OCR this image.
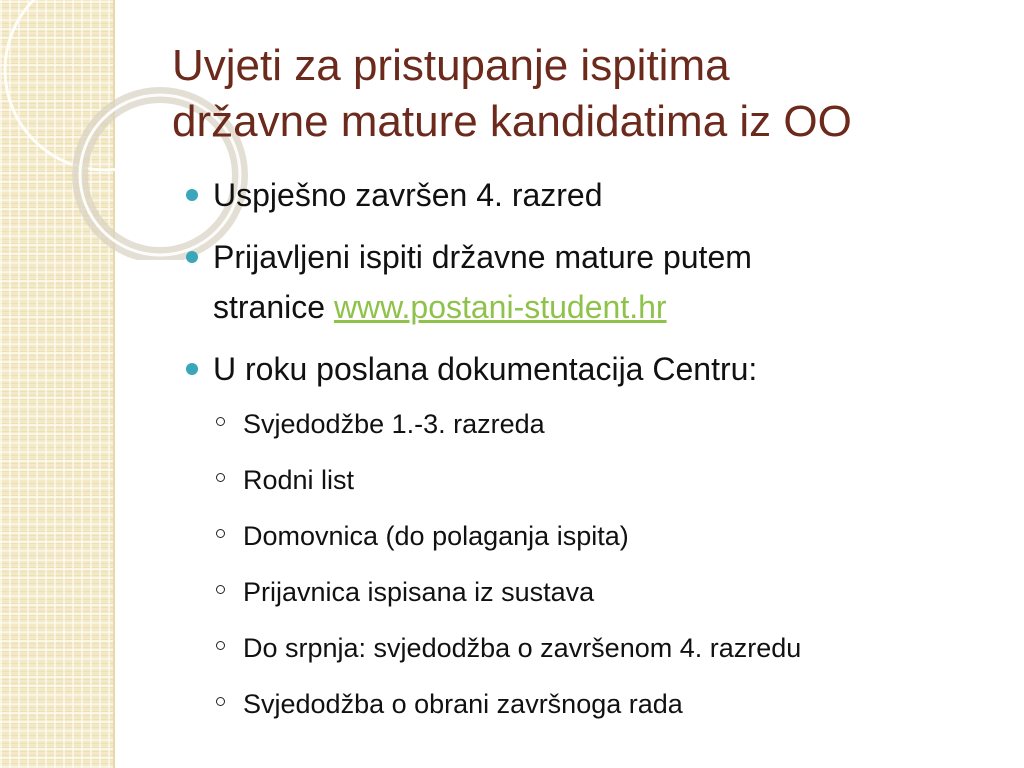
Uvjeti za pristupanje ispitima
državne mature kandidatima iz OO
Uspješno završen 4. razred
Prijavljeni ispiti državne mature putem
stranice www.postani-student.hr
U roku poslana dokumentacija Centru:
Svjedodžbe 1.-3. razreda
Rodni list
Domovnica (do polaganja ispita)
Prijavnica ispisana iz sustava
Do srpnja: svjedodžba o završenom 4. razredu
Svjedodžba o obrani završnoga rada
